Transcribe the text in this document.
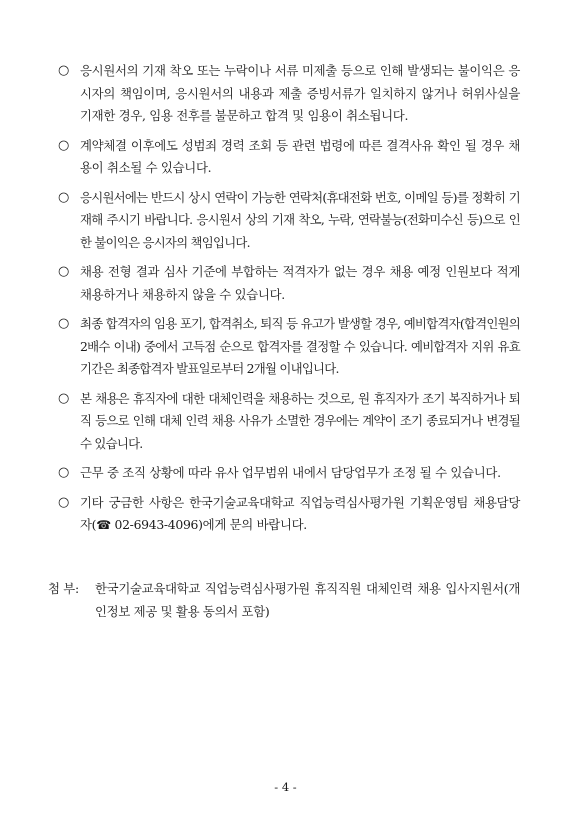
○ 응시원서의 기재 착오 또는 누락이나 서류 미제출 등으로 인해 발생되는 불이익은 응시자의 책임이며, 응시원서의 내용과 제출 증빙서류가 일치하지 않거나 허위사실을 기재한 경우, 임용 전후를 불문하고 합격 및 임용이 취소됩니다.
○ 계약체결 이후에도 성범죄 경력 조회 등 관련 법령에 따른 결격사유 확인 될 경우 채용이 취소될 수 있습니다.
○ 응시원서에는 반드시 상시 연락이 가능한 연락처(휴대전화 번호, 이메일 등)를 정확히 기재해 주시기 바랍니다. 응시원서 상의 기재 착오, 누락, 연락불능(전화미수신 등)으로 인한 불이익은 응시자의 책임입니다.
○ 채용 전형 결과 심사 기준에 부합하는 적격자가 없는 경우 채용 예정 인원보다 적게 채용하거나 채용하지 않을 수 있습니다.
○ 최종 합격자의 임용 포기, 합격취소, 퇴직 등 유고가 발생할 경우, 예비합격자(합격인원의 2배수 이내) 중에서 고득점 순으로 합격자를 결정할 수 있습니다. 예비합격자 지위 유효기간은 최종합격자 발표일로부터 2개월 이내입니다.
○ 본 채용은 휴직자에 대한 대체인력을 채용하는 것으로, 원 휴직자가 조기 복직하거나 퇴직 등으로 인해 대체 인력 채용 사유가 소멸한 경우에는 계약이 조기 종료되거나 변경될 수 있습니다.
○ 근무 중 조직 상황에 따라 유사 업무범위 내에서 담당업무가 조정 될 수 있습니다.
○ 기타 궁금한 사항은 한국기술교육대학교 직업능력심사평가원 기획운영팀 채용담당자(☎ 02-6943-4096)에게 문의 바랍니다.
첨 부:	한국기술교육대학교 직업능력심사평가원 휴직직원 대체인력 채용 입사지원서(개인정보 제공 및 활용 동의서 포함)
- 4 -
